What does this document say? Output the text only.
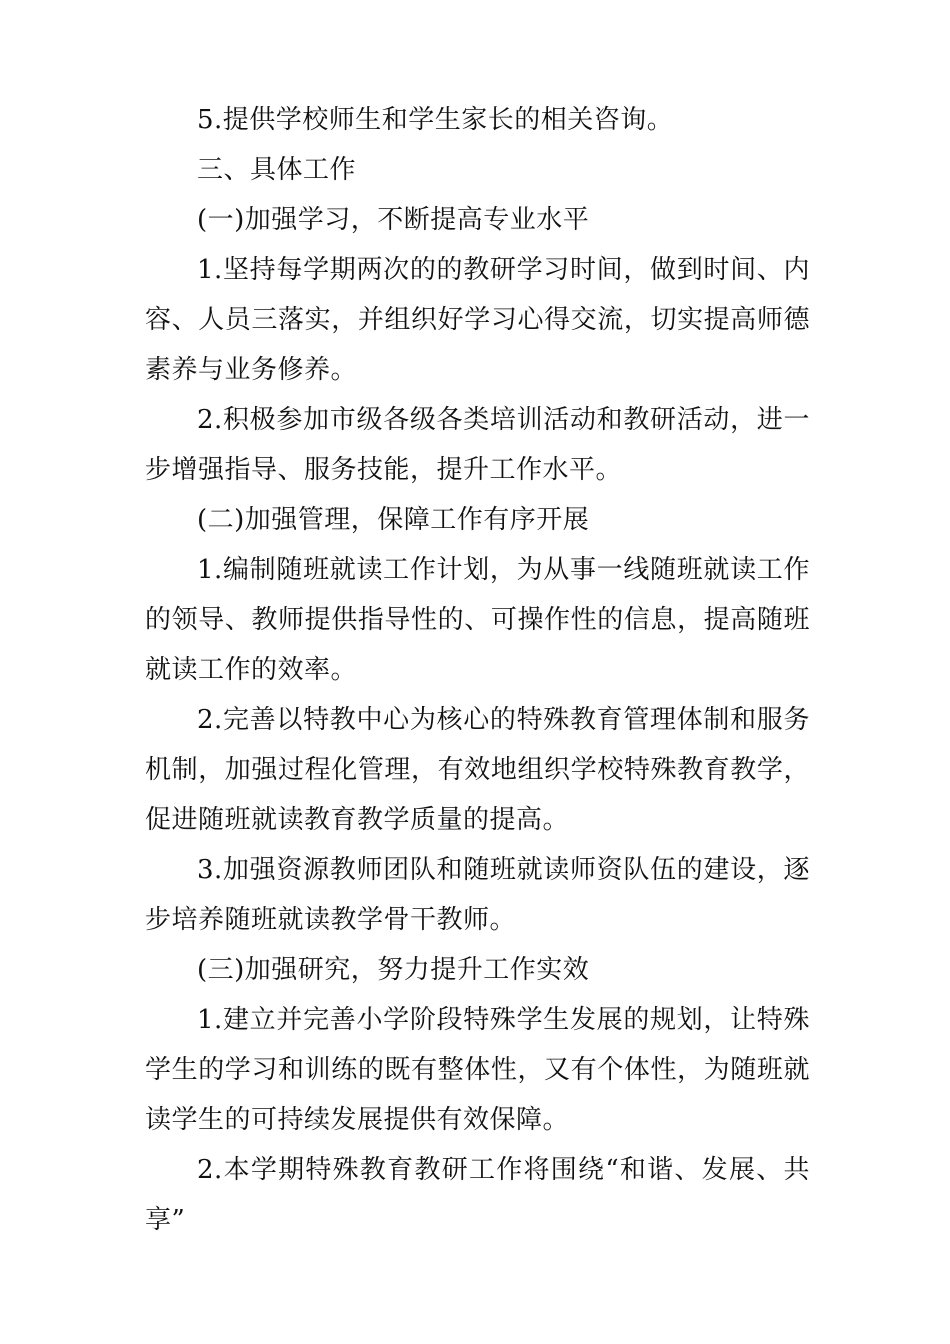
5.提供学校师生和学生家长的相关咨询。

三、具体工作

(一)加强学习，不断提高专业水平

1.坚持每学期两次的的教研学习时间，做到时间、内容、人员三落实，并组织好学习心得交流，切实提高师德素养与业务修养。

2.积极参加市级各级各类培训活动和教研活动，进一步增强指导、服务技能，提升工作水平。

(二)加强管理，保障工作有序开展

1.编制随班就读工作计划，为从事一线随班就读工作的领导、教师提供指导性的、可操作性的信息，提高随班就读工作的效率。

2.完善以特教中心为核心的特殊教育管理体制和服务机制，加强过程化管理，有效地组织学校特殊教育教学，促进随班就读教育教学质量的提高。

3.加强资源教师团队和随班就读师资队伍的建设，逐步培养随班就读教学骨干教师。

(三)加强研究，努力提升工作实效

1.建立并完善小学阶段特殊学生发展的规划，让特殊学生的学习和训练的既有整体性，又有个体性，为随班就读学生的可持续发展提供有效保障。

2.本学期特殊教育教研工作将围绕“和谐、发展、共享”
